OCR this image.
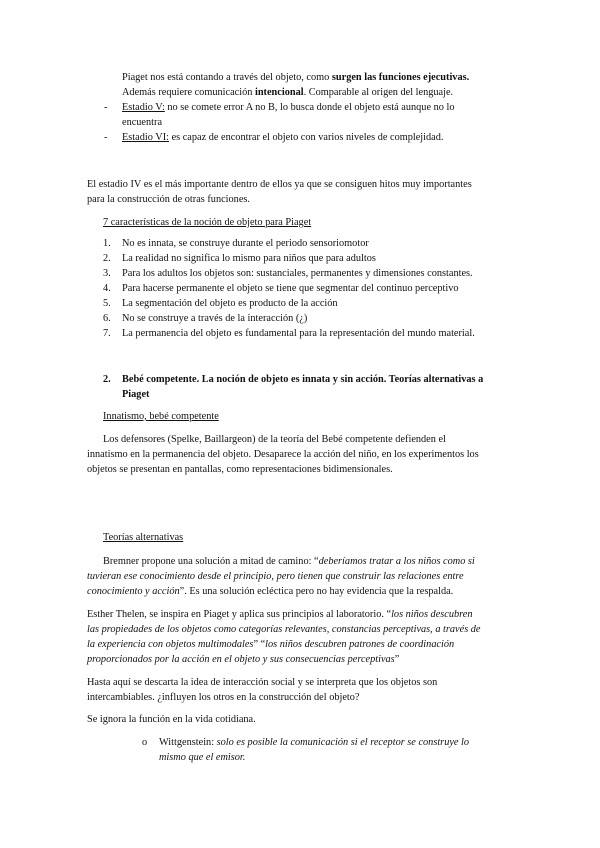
Piaget nos está contando a través del objeto, como surgen las funciones ejecutivas.
Además requiere comunicación intencional. Comparable al origen del lenguaje.
- Estadio V: no se comete error A no B, lo busca donde el objeto está aunque no lo
encuentra
- Estadio VI: es capaz de encontrar el objeto con varios niveles de complejidad.
El estadio IV es el más importante dentro de ellos ya que se consiguen hitos muy importantes
para la construcción de otras funciones.
7 características de la noción de objeto para Piaget
1. No es innata, se construye durante el periodo sensoriomotor
2. La realidad no significa lo mismo para niños que para adultos
3. Para los adultos los objetos son: sustanciales, permanentes y dimensiones constantes.
4. Para hacerse permanente el objeto se tiene que segmentar del continuo perceptivo
5. La segmentación del objeto es producto de la acción
6. No se construye a través de la interacción (¿)
7. La permanencia del objeto es fundamental para la representación del mundo material.
2. Bebé competente. La noción de objeto es innata y sin acción. Teorías alternativas a
Piaget
Innatismo, bebé competente
Los defensores (Spelke, Baillargeon) de la teoría del Bebé competente defienden el
innatismo en la permanencia del objeto. Desaparece la acción del niño, en los experimentos los
objetos se presentan en pantallas, como representaciones bidimensionales.
Teorías alternativas
Bremner propone una solución a mitad de camino: “deberíamos tratar a los niños como si
tuvieran ese conocimiento desde el principio, pero tienen que construir las relaciones entre
conocimiento y acción”. Es una solución ecléctica pero no hay evidencia que la respalda.
Esther Thelen, se inspira en Piaget y aplica sus principios al laboratorio. “los niños descubren
las propiedades de los objetos como categorías relevantes, constancias perceptivas, a través de
la experiencia con objetos multimodales” “los niños descubren patrones de coordinación
proporcionados por la acción en el objeto y sus consecuencias perceptivas”
Hasta aquí se descarta la idea de interacción social y se interpreta que los objetos son
intercambiables. ¿influyen los otros en la construcción del objeto?
Se ignora la función en la vida cotidiana.
o Wittgenstein: solo es posible la comunicación si el receptor se construye lo
mismo que el emisor.
